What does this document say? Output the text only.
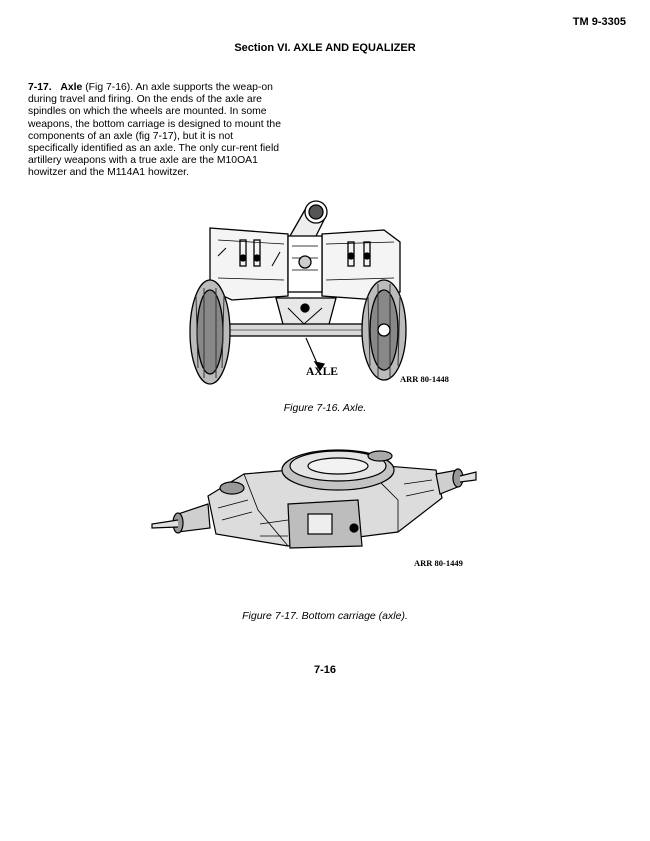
TM 9-3305
Section VI. AXLE AND EQUALIZER
7-17. Axle (Fig 7-16). An axle supports the weap-on during travel and firing. On the ends of the axle are spindles on which the wheels are mounted. In some weapons, the bottom carriage is designed to mount the components of an axle (fig 7-17), but it is not specifically identified as an axle. The only cur-rent field artillery weapons with a true axle are the M10OA1 howitzer and the M114A1 howitzer.
AXLE
ARR 80-1448
Figure 7-16. Axle.
ARR 80-1449
Figure 7-17. Bottom carriage (axle).
7-16
